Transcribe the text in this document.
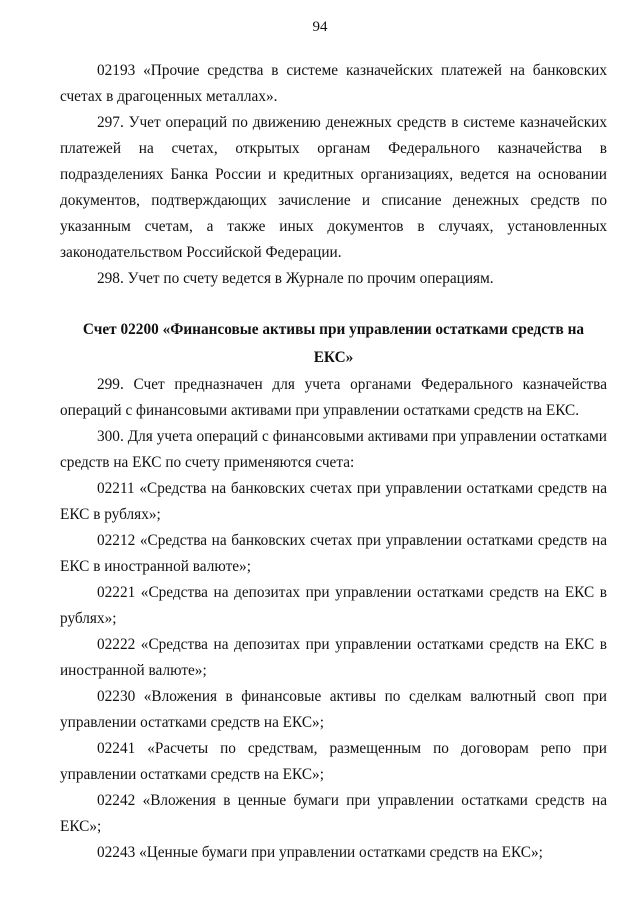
94

02193 «Прочие средства в системе казначейских платежей на банковских счетах в драгоценных металлах».

297. Учет операций по движению денежных средств в системе казначейских платежей на счетах, открытых органам Федерального казначейства в подразделениях Банка России и кредитных организациях, ведется на основании документов, подтверждающих зачисление и списание денежных средств по указанным счетам, а также иных документов в случаях, установленных законодательством Российской Федерации.

298. Учет по счету ведется в Журнале по прочим операциям.

Счет 02200 «Финансовые активы при управлении остатками средств на ЕКС»

299. Счет предназначен для учета органами Федерального казначейства операций с финансовыми активами при управлении остатками средств на ЕКС.

300. Для учета операций с финансовыми активами при управлении остатками средств на ЕКС по счету применяются счета:

02211 «Средства на банковских счетах при управлении остатками средств на ЕКС в рублях»;

02212 «Средства на банковских счетах при управлении остатками средств на ЕКС в иностранной валюте»;

02221 «Средства на депозитах при управлении остатками средств на ЕКС в рублях»;

02222 «Средства на депозитах при управлении остатками средств на ЕКС в иностранной валюте»;

02230 «Вложения в финансовые активы по сделкам валютный своп при управлении остатками средств на ЕКС»;

02241 «Расчеты по средствам, размещенным по договорам репо при управлении остатками средств на ЕКС»;

02242 «Вложения в ценные бумаги при управлении остатками средств на ЕКС»;

02243 «Ценные бумаги при управлении остатками средств на ЕКС»;
